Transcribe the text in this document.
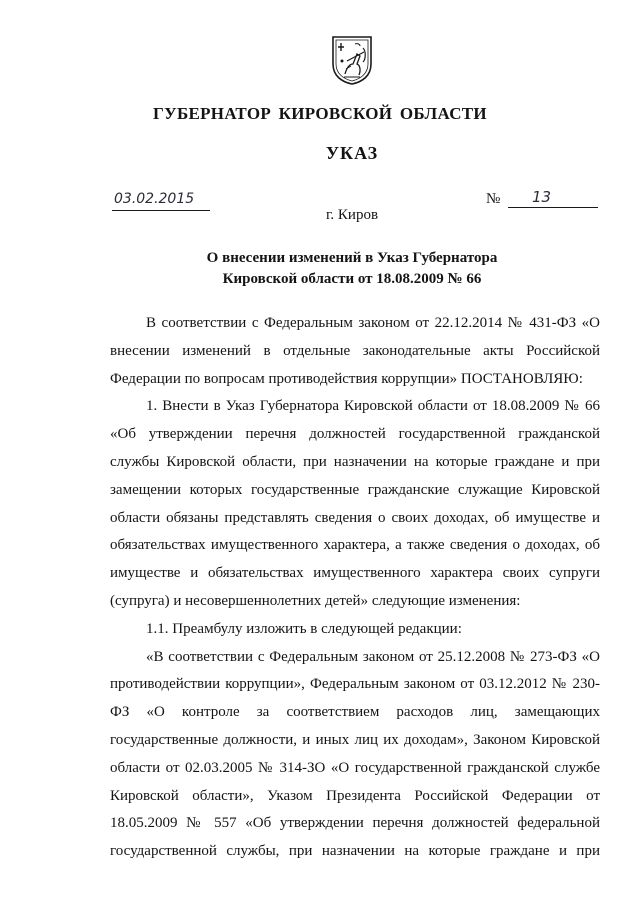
ГУБЕРНАТОР КИРОВСКОЙ ОБЛАСТИ
УКАЗ
03.02.2015	№	13
г. Киров
О внесении изменений в Указ Губернатора
Кировской области от 18.08.2009 № 66

В соответствии с Федеральным законом от 22.12.2014 № 431-ФЗ «О внесении изменений в отдельные законодательные акты Российской Федерации по вопросам противодействия коррупции» ПОСТАНОВЛЯЮ:

1. Внести в Указ Губернатора Кировской области от 18.08.2009 № 66 «Об утверждении перечня должностей государственной гражданской службы Кировской области, при назначении на которые граждане и при замещении которых государственные гражданские служащие Кировской области обязаны представлять сведения о своих доходах, об имуществе и обязательствах имущественного характера, а также сведения о доходах, об имуществе и обязательствах имущественного характера своих супруги (супруга) и несовершеннолетних детей» следующие изменения:

1.1. Преамбулу изложить в следующей редакции:

«В соответствии с Федеральным законом от 25.12.2008 № 273-ФЗ «О противодействии коррупции», Федеральным законом от 03.12.2012 № 230-ФЗ «О контроле за соответствием расходов лиц, замещающих государственные должности, и иных лиц их доходам», Законом Кировской области от 02.03.2005 № 314-ЗО «О государственной гражданской службе Кировской области», Указом Президента Российской Федерации от 18.05.2009 № 557 «Об утверждении перечня должностей федеральной государственной службы, при назначении на которые граждане и при
